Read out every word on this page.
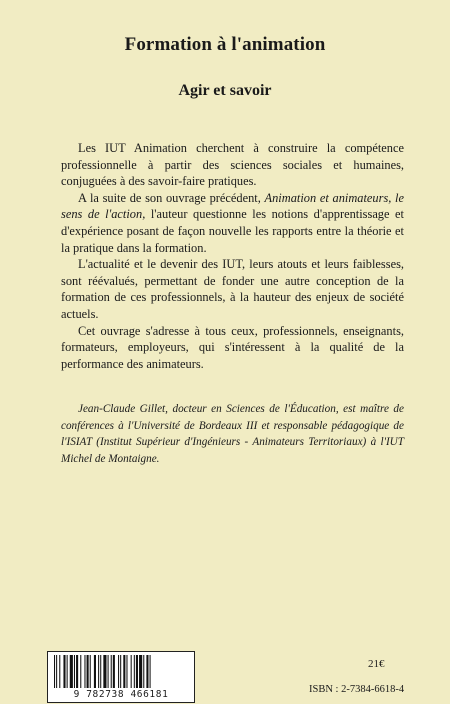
Formation à l'animation
Agir et savoir

Les IUT Animation cherchent à construire la compétence professionnelle à partir des sciences sociales et humaines, conjuguées à des savoir-faire pratiques.

A la suite de son ouvrage précédent, Animation et animateurs, le sens de l'action, l'auteur questionne les notions d'apprentissage et d'expérience posant de façon nouvelle les rapports entre la théorie et la pratique dans la formation.

L'actualité et le devenir des IUT, leurs atouts et leurs faiblesses, sont réévalués, permettant de fonder une autre conception de la formation de ces professionnels, à la hauteur des enjeux de société actuels.

Cet ouvrage s'adresse à tous ceux, professionnels, enseignants, formateurs, employeurs, qui s'intéressent à la qualité de la performance des animateurs.

Jean-Claude Gillet, docteur en Sciences de l'Éducation, est maître de conférences à l'Université de Bordeaux III et responsable pédagogique de l'ISIAT (Institut Supérieur d'Ingénieurs - Animateurs Territoriaux) à l'IUT Michel de Montaigne.

9 782738 466181
21€
ISBN : 2-7384-6618-4
